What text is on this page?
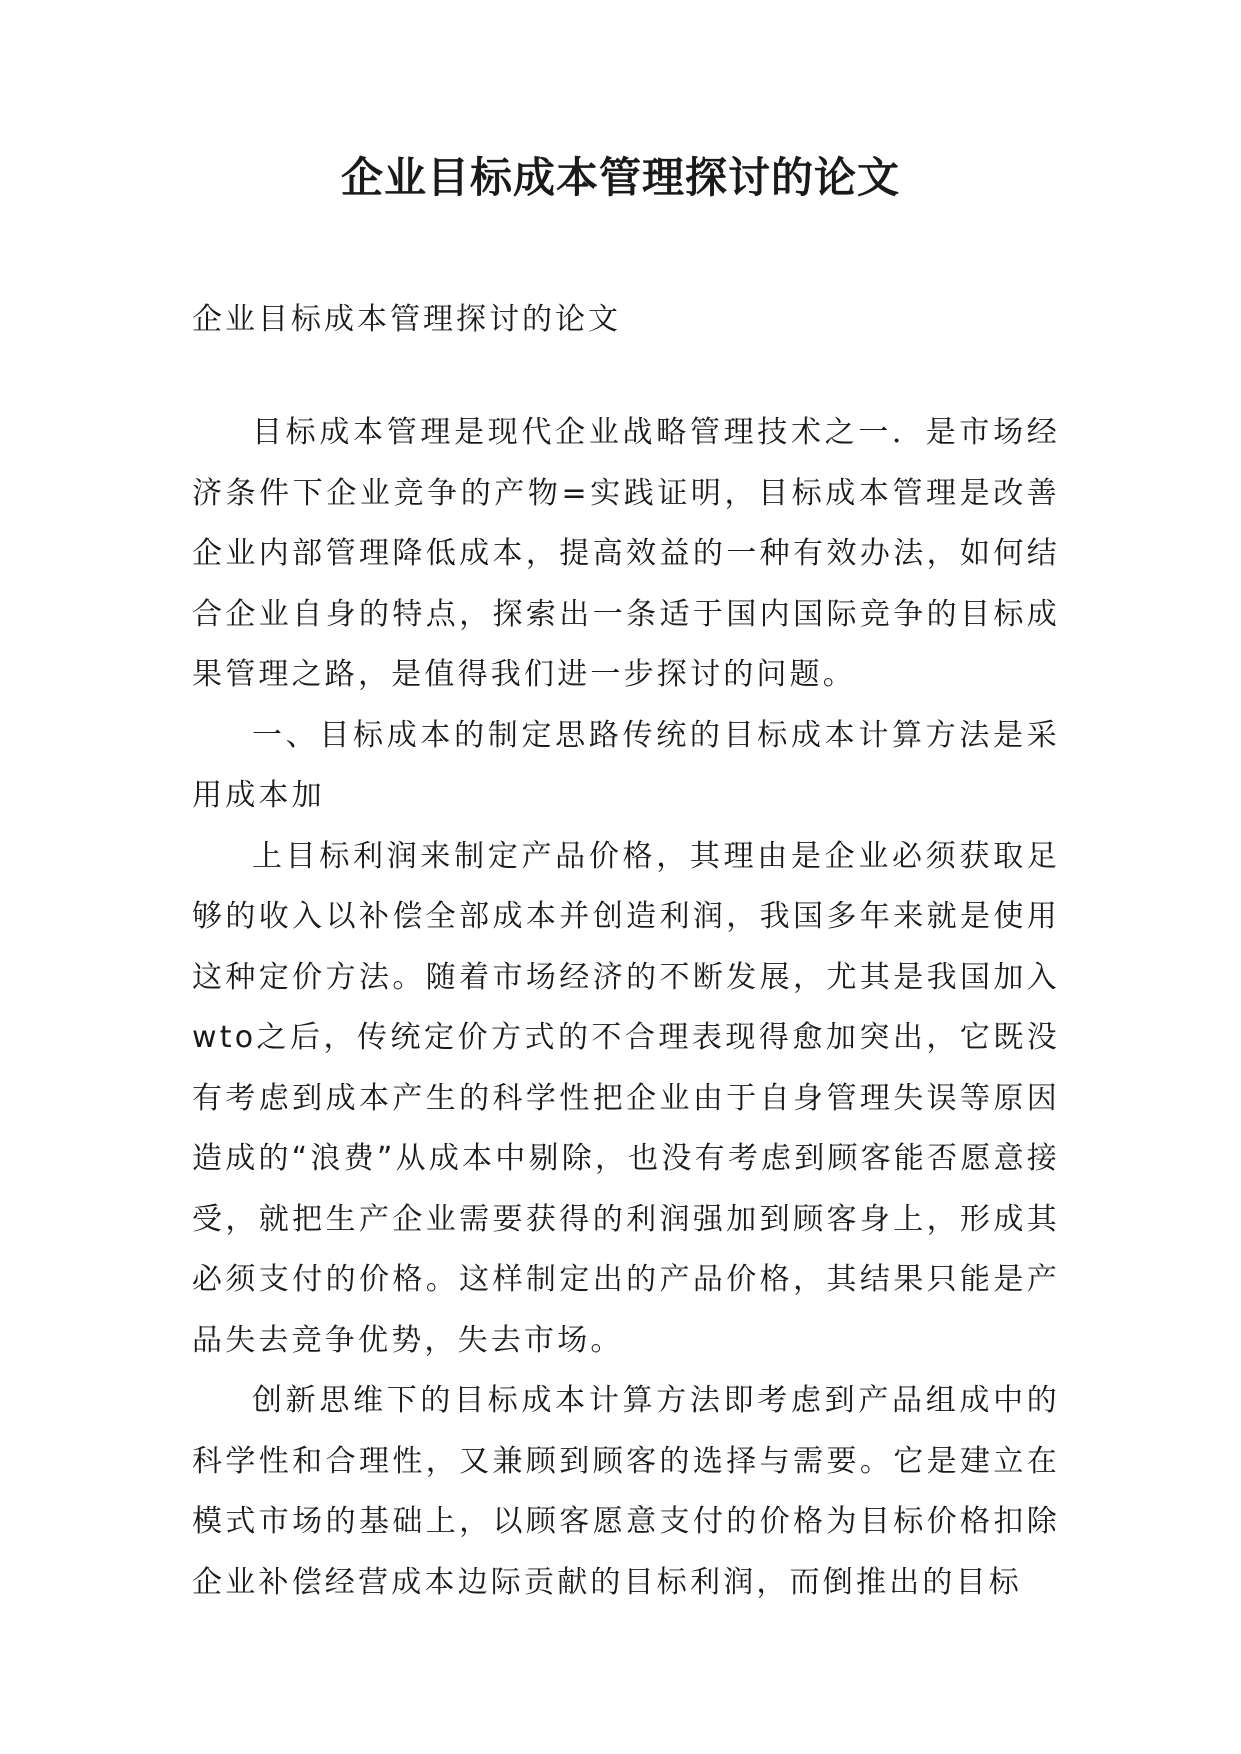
企业目标成本管理探讨的论文
企业目标成本管理探讨的论文

目标成本管理是现代企业战略管理技术之一．是市场经济条件下企业竞争的产物=实践证明，目标成本管理是改善企业内部管理降低成本，提高效益的一种有效办法，如何结合企业自身的特点，探索出一条适于国内国际竞争的目标成果管理之路，是值得我们进一步探讨的问题。

一、目标成本的制定思路传统的目标成本计算方法是采用成本加

上目标利润来制定产品价格，其理由是企业必须获取足够的收入以补偿全部成本并创造利润，我国多年来就是使用这种定价方法。随着市场经济的不断发展，尤其是我国加入wto之后，传统定价方式的不合理表现得愈加突出，它既没有考虑到成本产生的科学性把企业由于自身管理失误等原因造成的“浪费”从成本中剔除，也没有考虑到顾客能否愿意接受，就把生产企业需要获得的利润强加到顾客身上，形成其必须支付的价格。这样制定出的产品价格，其结果只能是产品失去竞争优势，失去市场。

创新思维下的目标成本计算方法即考虑到产品组成中的科学性和合理性，又兼顾到顾客的选择与需要。它是建立在模式市场的基础上，以顾客愿意支付的价格为目标价格扣除企业补偿经营成本边际贡献的目标利润，而倒推出的目标
